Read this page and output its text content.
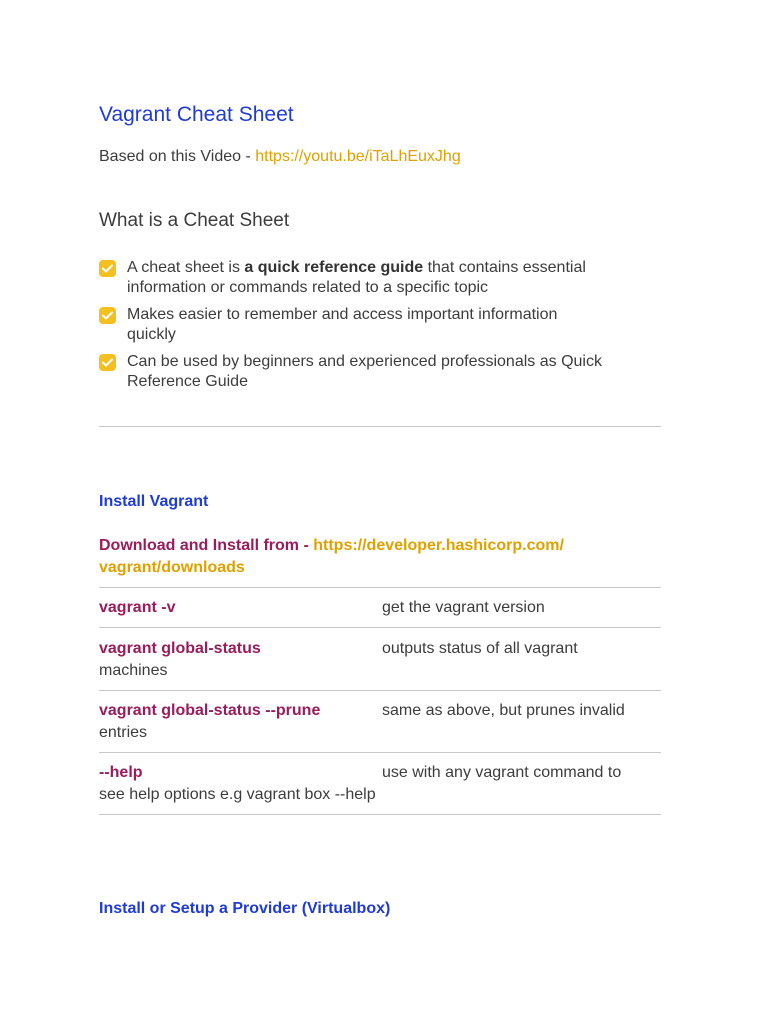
Vagrant Cheat Sheet
Based on this Video - https://youtu.be/iTaLhEuxJhg
What is a Cheat Sheet
A cheat sheet is a quick reference guide that contains essential
information or commands related to a specific topic
Makes easier to remember and access important information
quickly
Can be used by beginners and experienced professionals as Quick
Reference Guide
Install Vagrant
Download and Install from - https://developer.hashicorp.com/
vagrant/downloads
vagrant -v	get the vagrant version
vagrant global-status	outputs status of all vagrant
machines
vagrant global-status --prune	same as above, but prunes invalid
entries
--help	use with any vagrant command to
see help options e.g vagrant box --help
Install or Setup a Provider (Virtualbox)
